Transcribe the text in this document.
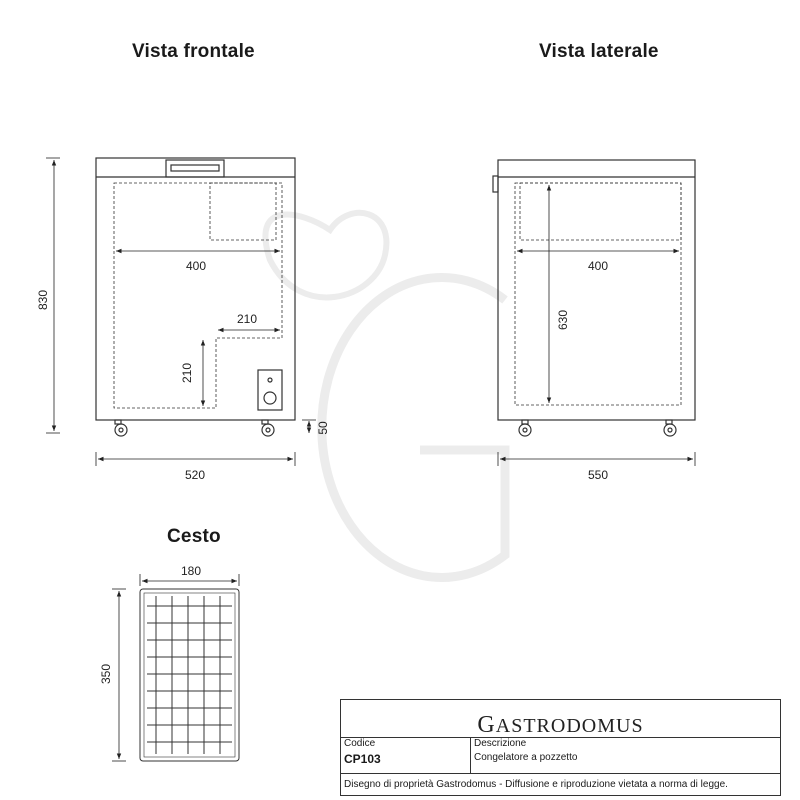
Vista frontale	Vista laterale
Cesto
830
520
400
210
210
50
550
400
630
180
350
GASTRODOMUS
Codice
CP103
Descrizione
Congelatore a pozzetto
Disegno di proprietà Gastrodomus - Diffusione e riproduzione vietata a norma di legge.
